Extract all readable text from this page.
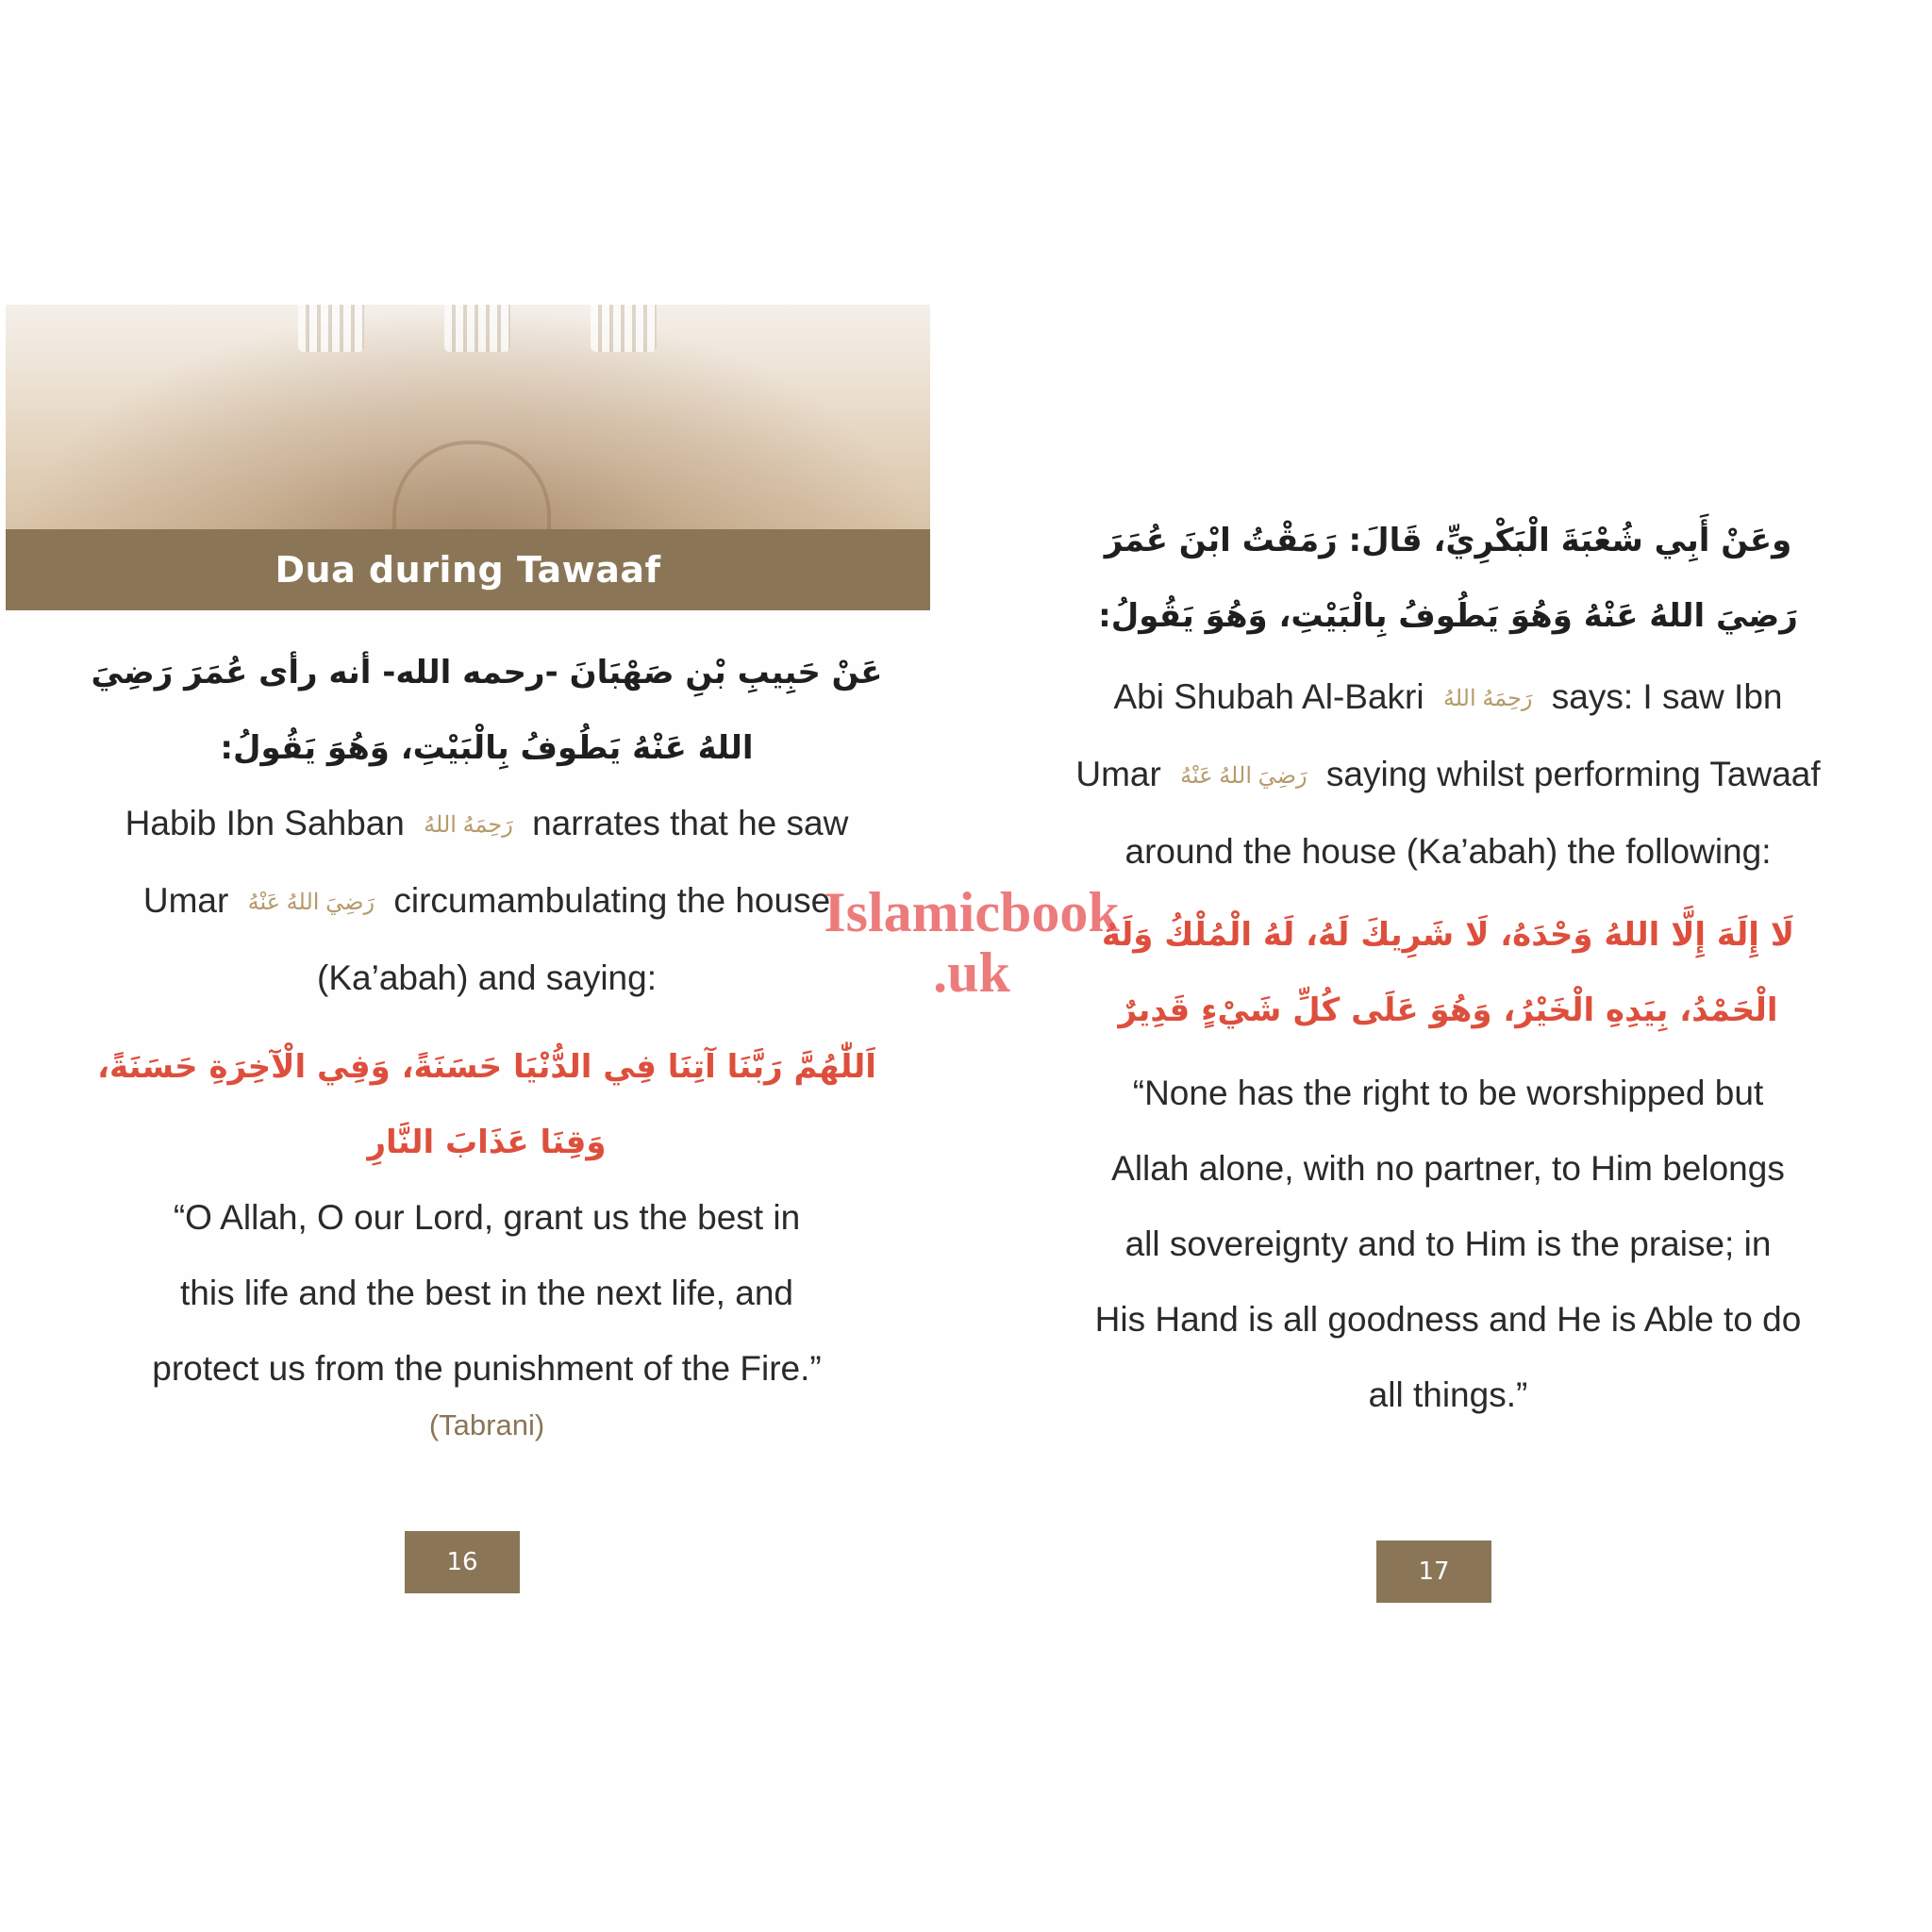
Dua during Tawaaf
عَنْ حَبِيبِ بْنِ صَهْبَانَ -رحمه الله- أنه رأى عُمَرَ رَضِيَ اللهُ عَنْهُ يَطُوفُ بِالْبَيْتِ، وَهُوَ يَقُولُ:
Habib Ibn Sahban رَحِمَهُ اللهُ narrates that he saw
Umar رَضِيَ اللهُ عَنْهُ circumambulating the house
(Ka’abah) and saying:
اَللّٰهُمَّ رَبَّنَا آتِنَا فِي الدُّنْيَا حَسَنَةً، وَفِي الْآخِرَةِ حَسَنَةً، وَقِنَا عَذَابَ النَّارِ
“O Allah, O our Lord, grant us the best in
this life and the best in the next life, and
protect us from the punishment of the Fire.”
(Tabrani)
16
وعَنْ أَبِي شُعْبَةَ الْبَكْرِيِّ، قَالَ: رَمَقْتُ ابْنَ عُمَرَ رَضِيَ اللهُ عَنْهُ وَهُوَ يَطُوفُ بِالْبَيْتِ، وَهُوَ يَقُولُ:
Abi Shubah Al-Bakri رَحِمَهُ اللهُ says: I saw Ibn
Umar رَضِيَ اللهُ عَنْهُ saying whilst performing Tawaaf
around the house (Ka’abah) the following:
لَا إِلَهَ إِلَّا اللهُ وَحْدَهُ، لَا شَرِيكَ لَهُ، لَهُ الْمُلْكُ وَلَهُ الْحَمْدُ، بِيَدِهِ الْخَيْرُ، وَهُوَ عَلَى كُلِّ شَيْءٍ قَدِيرٌ
“None has the right to be worshipped but
Allah alone, with no partner, to Him belongs
all sovereignty and to Him is the praise; in
His Hand is all goodness and He is Able to do
all things.”
17
Islamicbook
.uk
